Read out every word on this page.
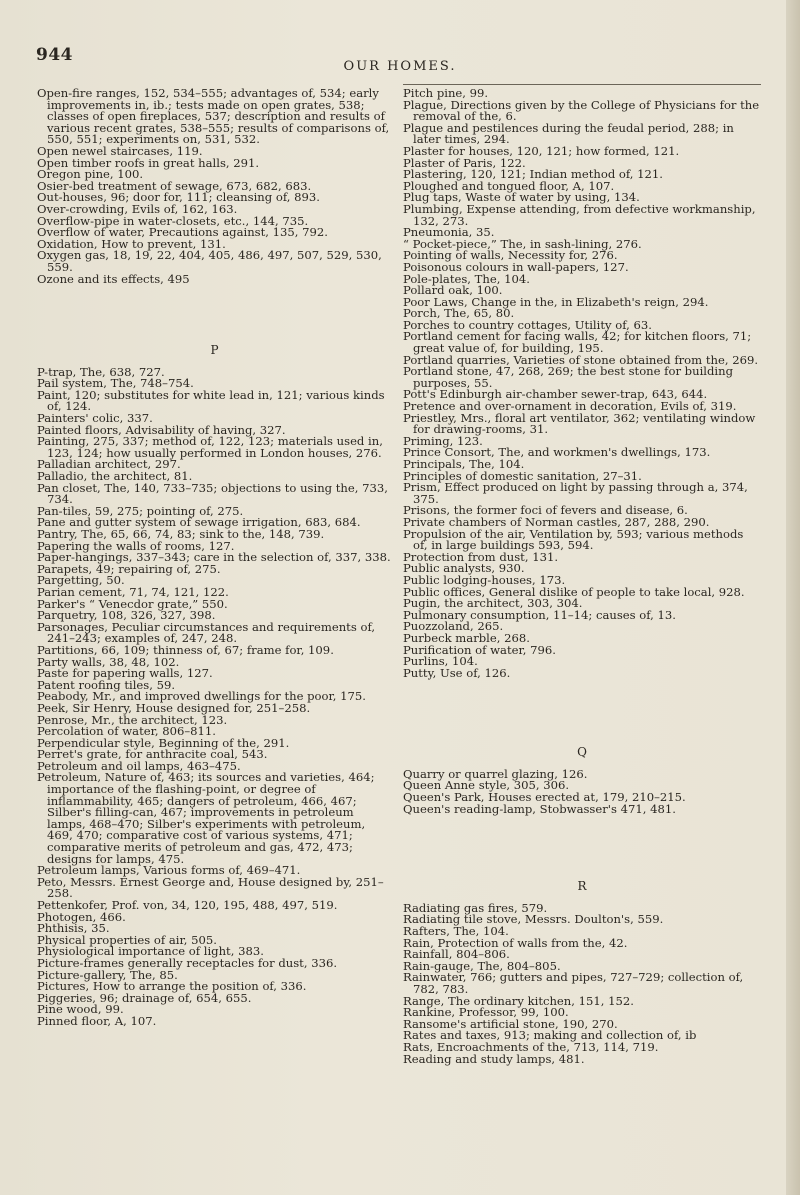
944
OUR HOMES.

Open-fire ranges, 152, 534–555; advantages of, 534; early improvements in, ib.; tests made on open grates, 538; classes of open fireplaces, 537; description and results of various recent grates, 538–555; results of comparisons of, 550, 551; experiments on, 531, 532.

Open newel staircases, 119.

Open timber roofs in great halls, 291.

Oregon pine, 100.

Osier-bed treatment of sewage, 673, 682, 683.

Out-houses, 96; door for, 111; cleansing of, 893.

Over-crowding, Evils of, 162, 163.

Overflow-pipe in water-closets, etc., 144, 735.

Overflow of water, Precautions against, 135, 792.

Oxidation, How to prevent, 131.

Oxygen gas, 18, 19, 22, 404, 405, 486, 497, 507, 529, 530, 559.

Ozone and its effects, 495

P

P-trap, The, 638, 727.

Pail system, The, 748–754.

Paint, 120; substitutes for white lead in, 121; various kinds of, 124.

Painters' colic, 337.

Painted floors, Advisability of having, 327.

Painting, 275, 337; method of, 122, 123; materials used in, 123, 124; how usually performed in London houses, 276.

Palladian architect, 297.

Palladio, the architect, 81.

Pan closet, The, 140, 733–735; objections to using the, 733, 734.

Pan-tiles, 59, 275; pointing of, 275.

Pane and gutter system of sewage irrigation, 683, 684.

Pantry, The, 65, 66, 74, 83; sink to the, 148, 739.

Papering the walls of rooms, 127.

Paper-hangings, 337–343; care in the selection of, 337, 338.

Parapets, 49; repairing of, 275.

Pargetting, 50.

Parian cement, 71, 74, 121, 122.

Parker's “ Venecdor grate,” 550.

Parquetry, 108, 326, 327, 398.

Parsonages, Peculiar circumstances and requirements of, 241–243; examples of, 247, 248.

Partitions, 66, 109; thinness of, 67; frame for, 109.

Party walls, 38, 48, 102.

Paste for papering walls, 127.

Patent roofing tiles, 59.

Peabody, Mr., and improved dwellings for the poor, 175.

Peek, Sir Henry, House designed for, 251–258.

Penrose, Mr., the architect, 123.

Percolation of water, 806–811.

Perpendicular style, Beginning of the, 291.

Perret's grate, for anthracite coal, 543.

Petroleum and oil lamps, 463–475.

Petroleum, Nature of, 463; its sources and varieties, 464; importance of the flashing-point, or degree of inflammability, 465; dangers of petroleum, 466, 467; Silber's filling-can, 467; improvements in petroleum lamps, 468–470; Silber's experiments with petroleum, 469, 470; comparative cost of various systems, 471; comparative merits of petroleum and gas, 472, 473; designs for lamps, 475.

Petroleum lamps, Various forms of, 469–471.

Peto, Messrs. Ernest George and, House designed by, 251–258.

Pettenkofer, Prof. von, 34, 120, 195, 488, 497, 519.

Photogen, 466.

Phthisis, 35.

Physical properties of air, 505.

Physiological importance of light, 383.

Picture-frames generally receptacles for dust, 336.

Picture-gallery, The, 85.

Pictures, How to arrange the position of, 336.

Piggeries, 96; drainage of, 654, 655.

Pine wood, 99.

Pinned floor, A, 107.

Pitch pine, 99.

Plague, Directions given by the College of Physicians for the removal of the, 6.

Plague and pestilences during the feudal period, 288; in later times, 294.

Plaster for houses, 120, 121; how formed, 121.

Plaster of Paris, 122.

Plastering, 120, 121; Indian method of, 121.

Ploughed and tongued floor, A, 107.

Plug taps, Waste of water by using, 134.

Plumbing, Expense attending, from defective workmanship, 132, 273.

Pneumonia, 35.

“ Pocket-piece,” The, in sash-lining, 276.

Pointing of walls, Necessity for, 276.

Poisonous colours in wall-papers, 127.

Pole-plates, The, 104.

Pollard oak, 100.

Poor Laws, Change in the, in Elizabeth's reign, 294.

Porch, The, 65, 80.

Porches to country cottages, Utility of, 63.

Portland cement for facing walls, 42; for kitchen floors, 71; great value of, for building, 195.

Portland quarries, Varieties of stone obtained from the, 269.

Portland stone, 47, 268, 269; the best stone for building purposes, 55.

Pott's Edinburgh air-chamber sewer-trap, 643, 644.

Pretence and over-ornament in decoration, Evils of, 319.

Priestley, Mrs., floral art ventilator, 362; ventilating window for drawing-rooms, 31.

Priming, 123.

Prince Consort, The, and workmen's dwellings, 173.

Principals, The, 104.

Principles of domestic sanitation, 27–31.

Prism, Effect produced on light by passing through a, 374, 375.

Prisons, the former foci of fevers and disease, 6.

Private chambers of Norman castles, 287, 288, 290.

Propulsion of the air, Ventilation by, 593; various methods of, in large buildings 593, 594.

Protection from dust, 131.

Public analysts, 930.

Public lodging-houses, 173.

Public offices, General dislike of people to take local, 928.

Pugin, the architect, 303, 304.

Pulmonary consumption, 11–14; causes of, 13.

Puozzoland, 265.

Purbeck marble, 268.

Purification of water, 796.

Purlins, 104.

Putty, Use of, 126.

Q

Quarry or quarrel glazing, 126.

Queen Anne style, 305, 306.

Queen's Park, Houses erected at, 179, 210–215.

Queen's reading-lamp, Stobwasser's 471, 481.

R

Radiating gas fires, 579.

Radiating tile stove, Messrs. Doulton's, 559.

Rafters, The, 104.

Rain, Protection of walls from the, 42.

Rainfall, 804–806.

Rain-gauge, The, 804–805.

Rainwater, 766; gutters and pipes, 727–729; collection of, 782, 783.

Range, The ordinary kitchen, 151, 152.

Rankine, Professor, 99, 100.

Ransome's artificial stone, 190, 270.

Rates and taxes, 913; making and collection of, ib

Rats, Encroachments of the, 713, 114, 719.

Reading and study lamps, 481.
